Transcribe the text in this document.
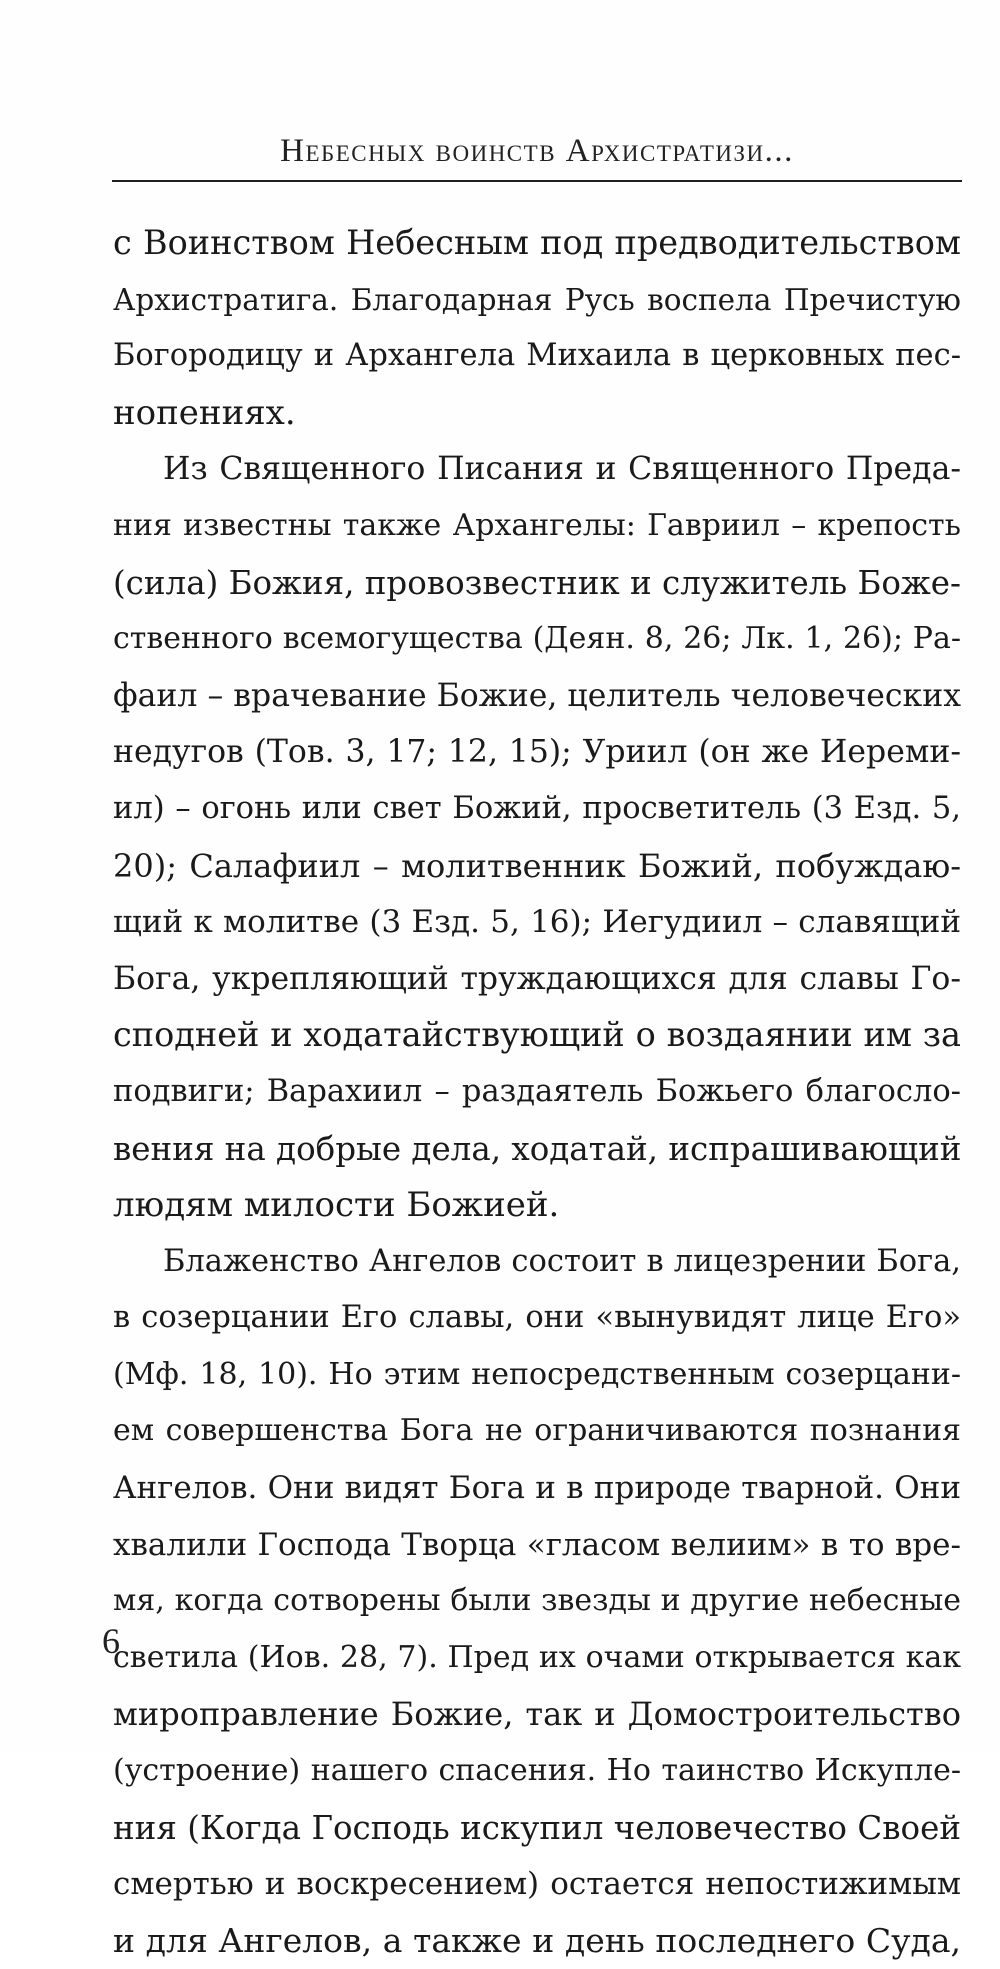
Небесных воинств Архистратизи...
с Воинством Небесным под предводительством
Архистратига. Благодарная Русь воспела Пречистую
Богородицу и Архангела Михаила в церковных пес-
нопениях.
Из Священного Писания и Священного Преда-
ния известны также Архангелы: Гавриил – крепость
(сила) Божия, провозвестник и служитель Боже-
ственного всемогущества (Деян. 8, 26; Лк. 1, 26); Ра-
фаил – врачевание Божие, целитель человеческих
недугов (Тов. 3, 17; 12, 15); Уриил (он же Иереми-
ил) – огонь или свет Божий, просветитель (3 Езд. 5,
20); Салафиил – молитвенник Божий, побуждаю-
щий к молитве (3 Езд. 5, 16); Иегудиил – славящий
Бога, укрепляющий труждающихся для славы Го-
сподней и ходатайствующий о воздаянии им за
подвиги; Варахиил – раздаятель Божьего благосло-
вения на добрые дела, ходатай, испрашивающий
людям милости Божией.
Блаженство Ангелов состоит в лицезрении Бога,
в созерцании Его славы, они «вынувидят лице Его»
(Мф. 18, 10). Но этим непосредственным созерцани-
ем совершенства Бога не ограничиваются познания
Ангелов. Они видят Бога и в природе тварной. Они
хвалили Господа Творца «гласом велиим» в то вре-
мя, когда сотворены были звезды и другие небесные
светила (Иов. 28, 7). Пред их очами открывается как
мироправление Божие, так и Домостроительство
(устроение) нашего спасения. Но таинство Искупле-
ния (Когда Господь искупил человечество Своей
смертью и воскресением) остается непостижимым
и для Ангелов, а также и день последнего Суда,
6
